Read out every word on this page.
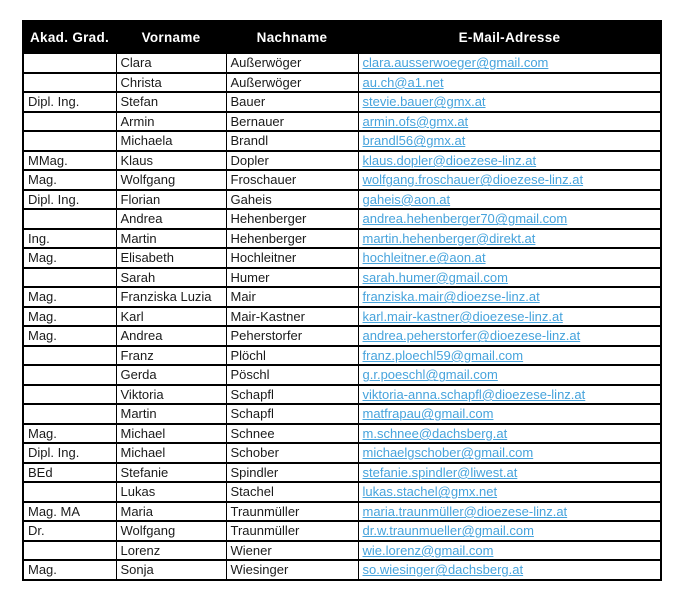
Akad. Grad.	Vorname	Nachname	E-Mail-Adresse
	Clara	Außerwöger	clara.ausserwoeger@gmail.com
	Christa	Außerwöger	au.ch@a1.net
Dipl. Ing.	Stefan	Bauer	stevie.bauer@gmx.at
	Armin	Bernauer	armin.ofs@gmx.at
	Michaela	Brandl	brandl56@gmx.at
MMag.	Klaus	Dopler	klaus.dopler@dioezese-linz.at
Mag.	Wolfgang	Froschauer	wolfgang.froschauer@dioezese-linz.at
Dipl. Ing.	Florian	Gaheis	gaheis@aon.at
	Andrea	Hehenberger	andrea.hehenberger70@gmail.com
Ing.	Martin	Hehenberger	martin.hehenberger@direkt.at
Mag.	Elisabeth	Hochleitner	hochleitner.e@aon.at
	Sarah	Humer	sarah.humer@gmail.com
Mag.	Franziska Luzia	Mair	franziska.mair@dioezse-linz.at
Mag.	Karl	Mair-Kastner	karl.mair-kastner@dioezese-linz.at
Mag.	Andrea	Peherstorfer	andrea.peherstorfer@dioezese-linz.at
	Franz	Plöchl	franz.ploechl59@gmail.com
	Gerda	Pöschl	g.r.poeschl@gmail.com
	Viktoria	Schapfl	viktoria-anna.schapfl@dioezese-linz.at
	Martin	Schapfl	matfrapau@gmail.com
Mag.	Michael	Schnee	m.schnee@dachsberg.at
Dipl. Ing.	Michael	Schober	michaelgschober@gmail.com
BEd	Stefanie	Spindler	stefanie.spindler@liwest.at
	Lukas	Stachel	lukas.stachel@gmx.net
Mag. MA	Maria	Traunmüller	maria.traunmüller@dioezese-linz.at
Dr.	Wolfgang	Traunmüller	dr.w.traunmueller@gmail.com
	Lorenz	Wiener	wie.lorenz@gmail.com
Mag.	Sonja	Wiesinger	so.wiesinger@dachsberg.at
